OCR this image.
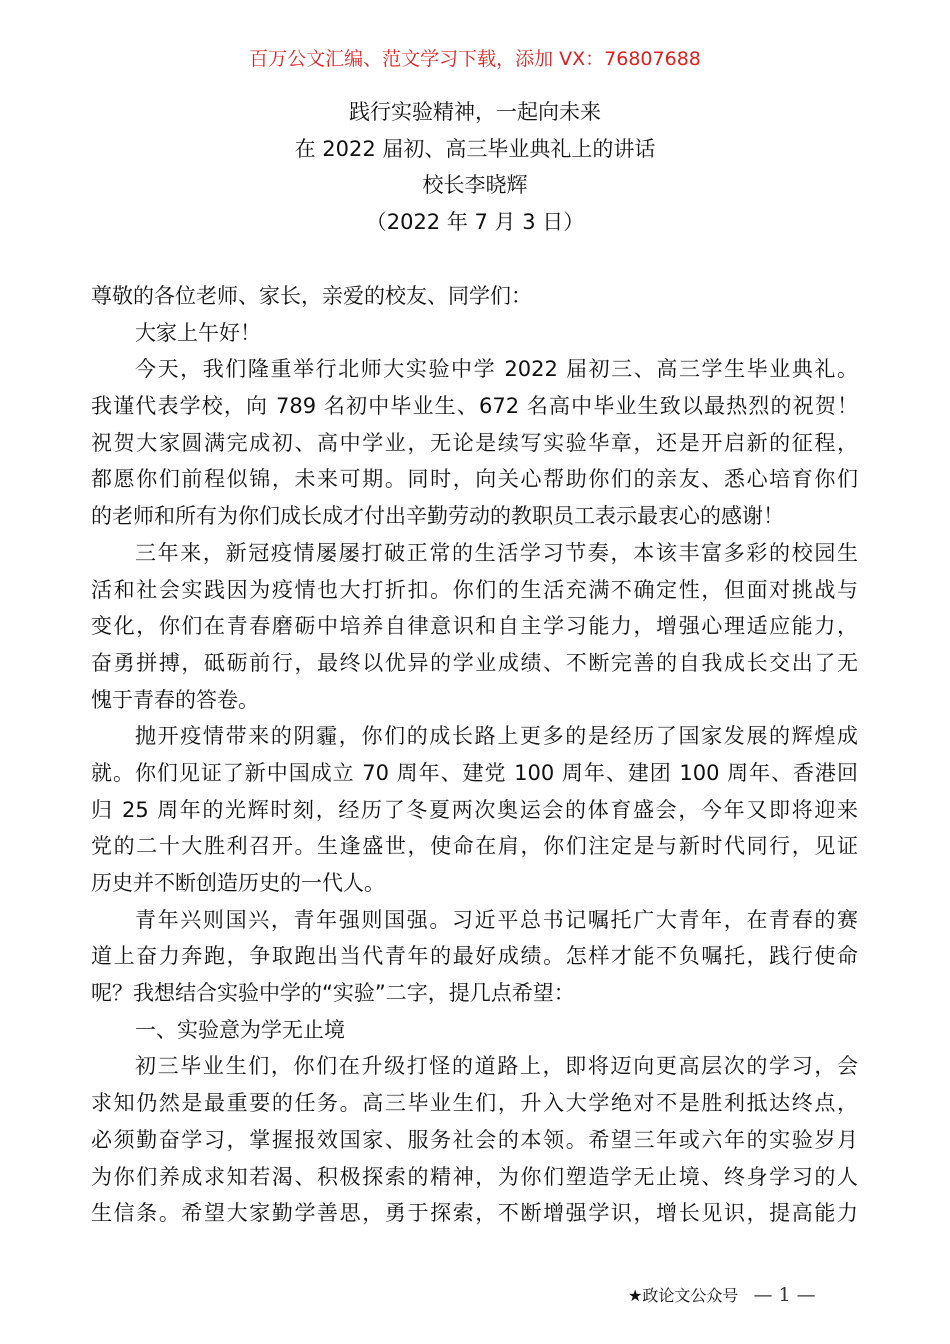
百万公文汇编、范文学习下载，添加 VX：76807688
践行实验精神，一起向未来
在 2022 届初、高三毕业典礼上的讲话
校长李晓辉
（2022 年 7 月 3 日）
尊敬的各位老师、家长，亲爱的校友、同学们：
大家上午好！
今天，我们隆重举行北师大实验中学 2022 届初三、高三学生毕业典礼。
我谨代表学校，向 789 名初中毕业生、672 名高中毕业生致以最热烈的祝贺！
祝贺大家圆满完成初、高中学业，无论是续写实验华章，还是开启新的征程，
都愿你们前程似锦，未来可期。同时，向关心帮助你们的亲友、悉心培育你们
的老师和所有为你们成长成才付出辛勤劳动的教职员工表示最衷心的感谢！
三年来，新冠疫情屡屡打破正常的生活学习节奏，本该丰富多彩的校园生
活和社会实践因为疫情也大打折扣。你们的生活充满不确定性，但面对挑战与
变化，你们在青春磨砺中培养自律意识和自主学习能力，增强心理适应能力，
奋勇拼搏，砥砺前行，最终以优异的学业成绩、不断完善的自我成长交出了无
愧于青春的答卷。
抛开疫情带来的阴霾，你们的成长路上更多的是经历了国家发展的辉煌成
就。你们见证了新中国成立 70 周年、建党 100 周年、建团 100 周年、香港回
归 25 周年的光辉时刻，经历了冬夏两次奥运会的体育盛会，今年又即将迎来
党的二十大胜利召开。生逢盛世，使命在肩，你们注定是与新时代同行，见证
历史并不断创造历史的一代人。
青年兴则国兴，青年强则国强。习近平总书记嘱托广大青年，在青春的赛
道上奋力奔跑，争取跑出当代青年的最好成绩。怎样才能不负嘱托，践行使命
呢？我想结合实验中学的“实验”二字，提几点希望：
一、实验意为学无止境
初三毕业生们，你们在升级打怪的道路上，即将迈向更高层次的学习，会
求知仍然是最重要的任务。高三毕业生们，升入大学绝对不是胜利抵达终点，
必须勤奋学习，掌握报效国家、服务社会的本领。希望三年或六年的实验岁月
为你们养成求知若渴、积极探索的精神，为你们塑造学无止境、终身学习的人
生信条。希望大家勤学善思，勇于探索，不断增强学识，增长见识，提高能力
★政论文公众号 — 1 —
